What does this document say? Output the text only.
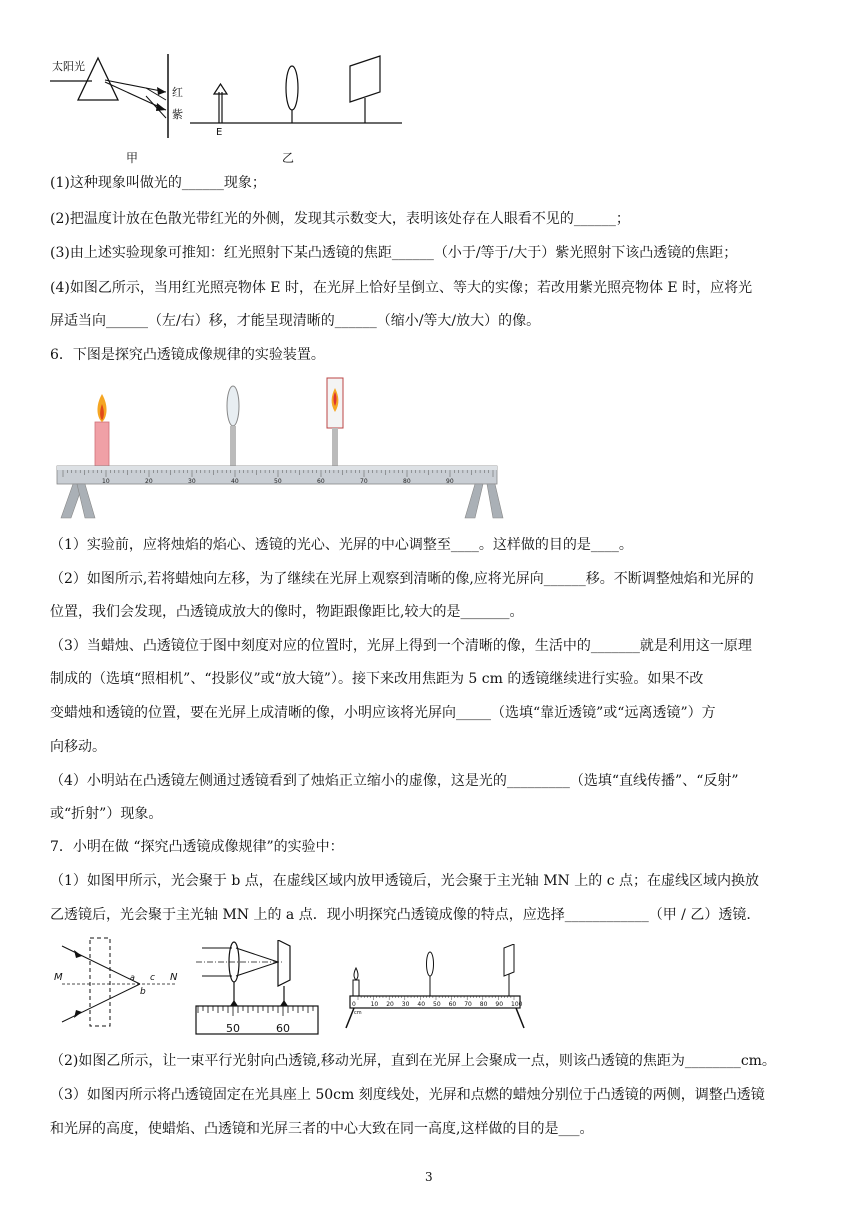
太阳光
红
紫
E
甲	乙
(1)这种现象叫做光的______现象；
(2)把温度计放在色散光带红光的外侧，发现其示数变大，表明该处存在人眼看不见的______；
(3)由上述实验现象可推知：红光照射下某凸透镜的焦距______（小于/等于/大于）紫光照射下该凸透镜的焦距；
(4)如图乙所示，当用红光照亮物体 E 时，在光屏上恰好呈倒立、等大的实像；若改用紫光照亮物体 E 时，应将光
屏适当向______（左/右）移，才能呈现清晰的______（缩小/等大/放大）的像。
6．下图是探究凸透镜成像规律的实验装置。
10	20	30	40	50	60	70	80	90
（1）实验前，应将烛焰的焰心、透镜的光心、光屏的中心调整至____。这样做的目的是____。
（2）如图所示,若将蜡烛向左移，为了继续在光屏上观察到清晰的像,应将光屏向______移。不断调整烛焰和光屏的
位置，我们会发现，凸透镜成放大的像时，物距跟像距比,较大的是_______。
（3）当蜡烛、凸透镜位于图中刻度对应的位置时，光屏上得到一个清晰的像，生活中的_______就是利用这一原理
制成的（选填“照相机”、“投影仪”或“放大镜”）。接下来改用焦距为 5 cm 的透镜继续进行实验。如果不改
变蜡烛和透镜的位置，要在光屏上成清晰的像，小明应该将光屏向_____（选填“靠近透镜”或“远离透镜”）方
向移动。
（4）小明站在凸透镜左侧通过透镜看到了烛焰正立缩小的虚像，这是光的_________（选填“直线传播”、“反射”
或“折射”）现象。
7．小明在做 “探究凸透镜成像规律”的实验中：
（1）如图甲所示，光会聚于 b 点，在虚线区域内放甲透镜后，光会聚于主光轴 MN 上的 c 点；在虚线区域内换放
乙透镜后，光会聚于主光轴 MN 上的 a 点．现小明探究凸透镜成像的特点，应选择____________（甲 / 乙）透镜.
M	N
a
b
c
50	60
10 20 30 40 50 60 70 80 90 100
0
cm
（2)如图乙所示，让一束平行光射向凸透镜,移动光屏，直到在光屏上会聚成一点，则该凸透镜的焦距为________cm。
（3）如图丙所示将凸透镜固定在光具座上 50cm 刻度线处，光屏和点燃的蜡烛分别位于凸透镜的两侧，调整凸透镜
和光屏的高度，使蜡焰、凸透镜和光屏三者的中心大致在同一高度,这样做的目的是___。
3
